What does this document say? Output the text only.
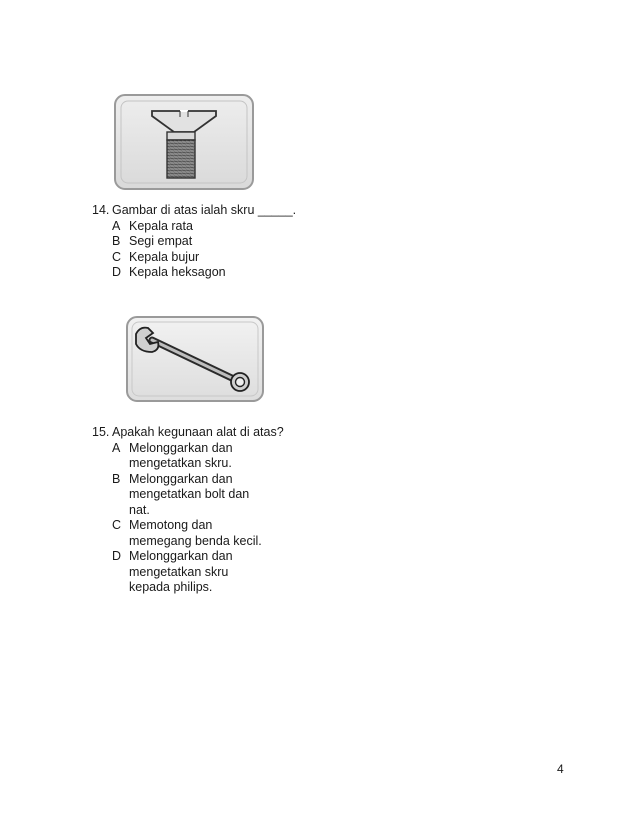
14. Gambar di atas ialah skru _____.
A Kepala rata
B Segi empat
C Kepala bujur
D Kepala heksagon
15. Apakah kegunaan alat di atas?
A Melonggarkan dan
mengetatkan skru.
B Melonggarkan dan
mengetatkan bolt dan
nat.
C Memotong dan
memegang benda kecil.
D Melonggarkan dan
mengetatkan skru
kepada philips.
4
